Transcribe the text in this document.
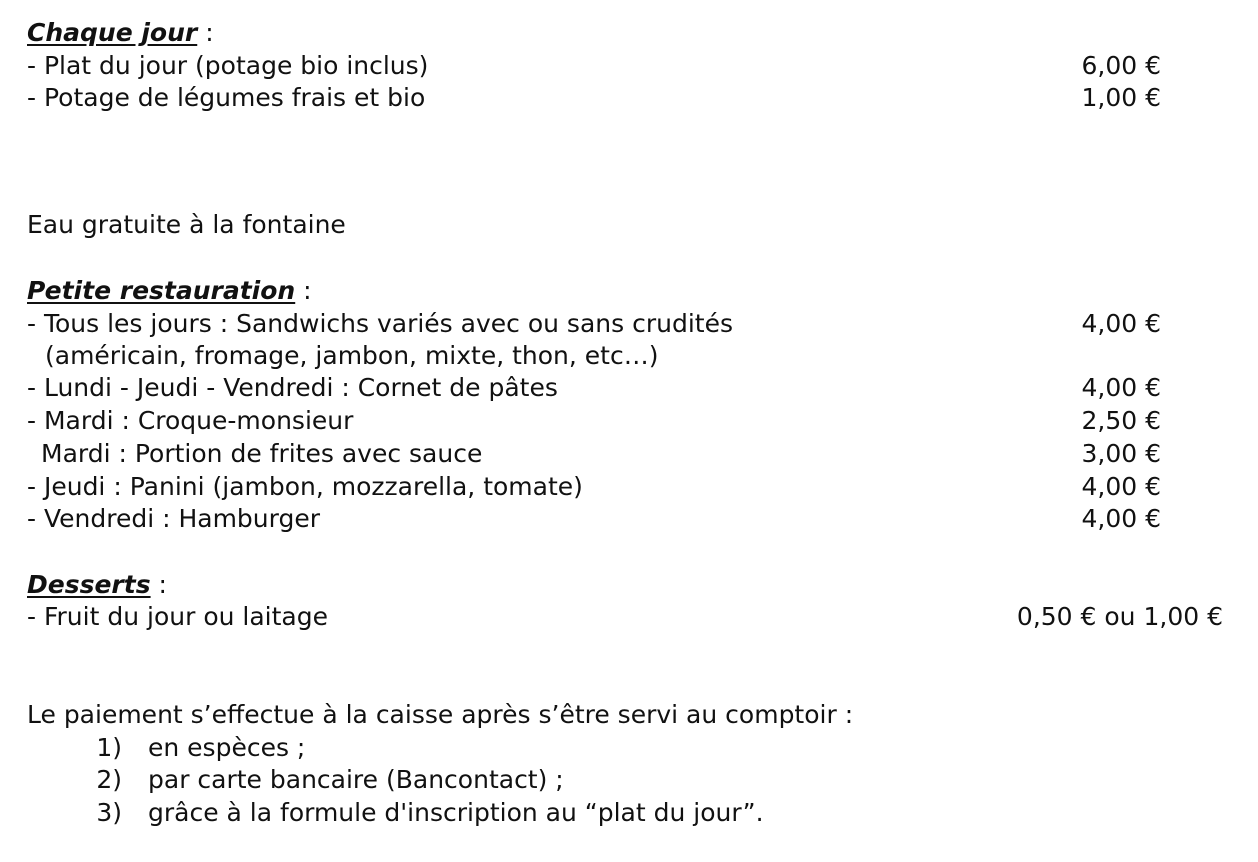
Chaque jour :
- Plat du jour (potage bio inclus)	6,00 €
- Potage de légumes frais et bio	1,00 €
Eau gratuite à la fontaine
Petite restauration :
- Tous les jours : Sandwichs variés avec ou sans crudités	4,00 €
(américain, fromage, jambon, mixte, thon, etc…)
- Lundi - Jeudi - Vendredi : Cornet de pâtes	4,00 €
- Mardi : Croque-monsieur	2,50 €
Mardi : Portion de frites avec sauce	3,00 €
- Jeudi : Panini (jambon, mozzarella, tomate)	4,00 €
- Vendredi : Hamburger	4,00 €
Desserts :
- Fruit du jour ou laitage	0,50 € ou 1,00 €
Le paiement s’effectue à la caisse après s’être servi au comptoir :
1) en espèces ;
2) par carte bancaire (Bancontact) ;
3) grâce à la formule d'inscription au “plat du jour”.
